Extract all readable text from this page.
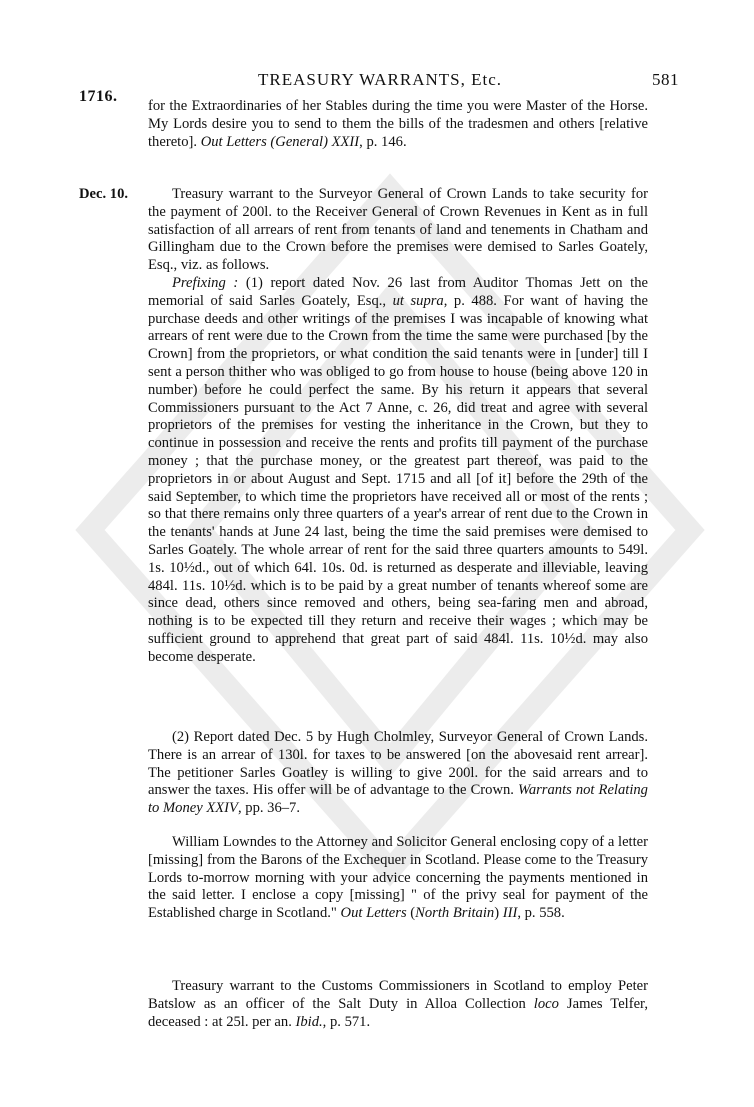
1716.
TREASURY WARRANTS, Etc.	581
for the Extraordinaries of her Stables during the time you were Master of the Horse. My Lords desire you to send to them the bills of the tradesmen and others [relative thereto]. Out Letters (General) XXII, p. 146.
Dec. 10.	Treasury warrant to the Surveyor General of Crown Lands to take security for the payment of 200l. to the Receiver General of Crown Revenues in Kent as in full satisfaction of all arrears of rent from tenants of land and tenements in Chatham and Gillingham due to the Crown before the premises were demised to Sarles Goately, Esq., viz. as follows.
Prefixing : (1) report dated Nov. 26 last from Auditor Thomas Jett on the memorial of said Sarles Goately, Esq., ut supra, p. 488. For want of having the purchase deeds and other writings of the premises I was incapable of knowing what arrears of rent were due to the Crown from the time the same were purchased [by the Crown] from the proprietors, or what condition the said tenants were in [under] till I sent a person thither who was obliged to go from house to house (being above 120 in number) before he could perfect the same. By his return it appears that several Commissioners pursuant to the Act 7 Anne, c. 26, did treat and agree with several proprietors of the premises for vesting the inheritance in the Crown, but they to continue in possession and receive the rents and profits till payment of the purchase money ; that the purchase money, or the greatest part thereof, was paid to the proprietors in or about August and Sept. 1715 and all [of it] before the 29th of the said September, to which time the proprietors have received all or most of the rents ; so that there remains only three quarters of a year's arrear of rent due to the Crown in the tenants' hands at June 24 last, being the time the said premises were demised to Sarles Goately. The whole arrear of rent for the said three quarters amounts to 549l. 1s. 10½d., out of which 64l. 10s. 0d. is returned as desperate and illeviable, leaving 484l. 11s. 10½d. which is to be paid by a great number of tenants whereof some are since dead, others since removed and others, being sea-faring men and abroad, nothing is to be expected till they return and receive their wages ; which may be sufficient ground to apprehend that great part of said 484l. 11s. 10½d. may also become desperate.
(2) Report dated Dec. 5 by Hugh Cholmley, Surveyor General of Crown Lands. There is an arrear of 130l. for taxes to be answered [on the abovesaid rent arrear]. The petitioner Sarles Goatley is willing to give 200l. for the said arrears and to answer the taxes. His offer will be of advantage to the Crown. Warrants not Relating to Money XXIV, pp. 36–7.
William Lowndes to the Attorney and Solicitor General enclosing copy of a letter [missing] from the Barons of the Exchequer in Scotland. Please come to the Treasury Lords to-morrow morning with your advice concerning the payments mentioned in the said letter. I enclose a copy [missing] " of the privy seal for payment of the Established charge in Scotland." Out Letters (North Britain) III, p. 558.
Treasury warrant to the Customs Commissioners in Scotland to employ Peter Batslow as an officer of the Salt Duty in Alloa Collection loco James Telfer, deceased : at 25l. per an. Ibid., p. 571.
